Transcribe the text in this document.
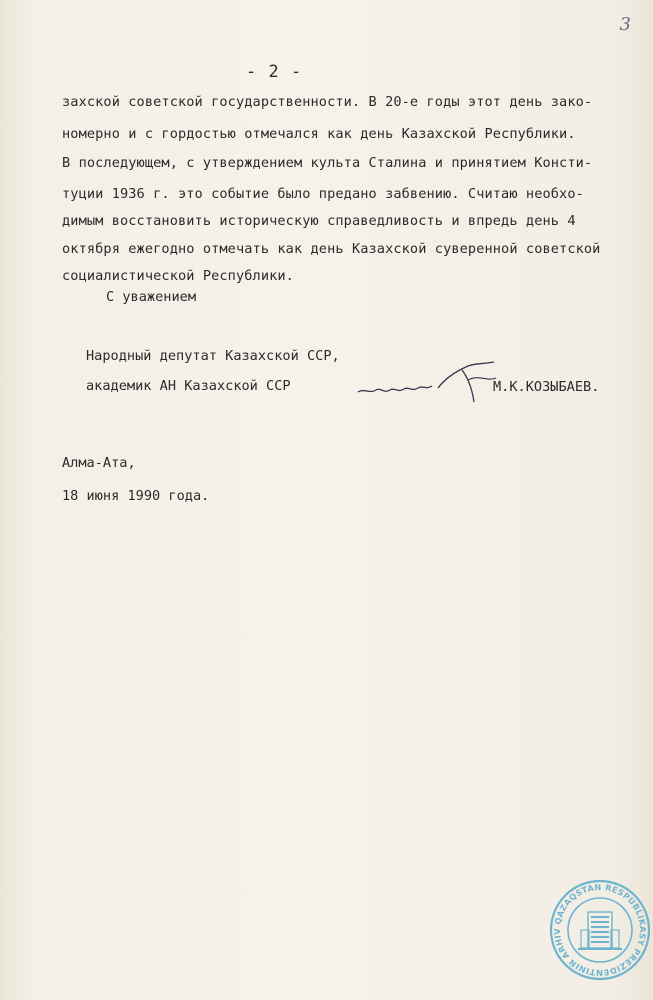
3
- 2 -
захской советской государственности. В 20-е годы этот день зако-
номерно и с гордостью отмечался как день Казахской Республики.
В последующем, с утверждением культа Сталина и принятием Консти-
туции 1936 г. это событие было предано забвению. Считаю необхо-
димым восстановить историческую справедливость и впредь день 4
октября ежегодно отмечать как день Казахской суверенной советской
социалистической Республики.
С уважением
Народный депутат Казахской ССР,
академик АН Казахской ССР	М.К.КОЗЫБАЕВ.
Алма-Ата,
18 июня 1990 года.
QAZAQSTAN RESPUBLIKASY PREZIDENTINIŃ ARHIV
